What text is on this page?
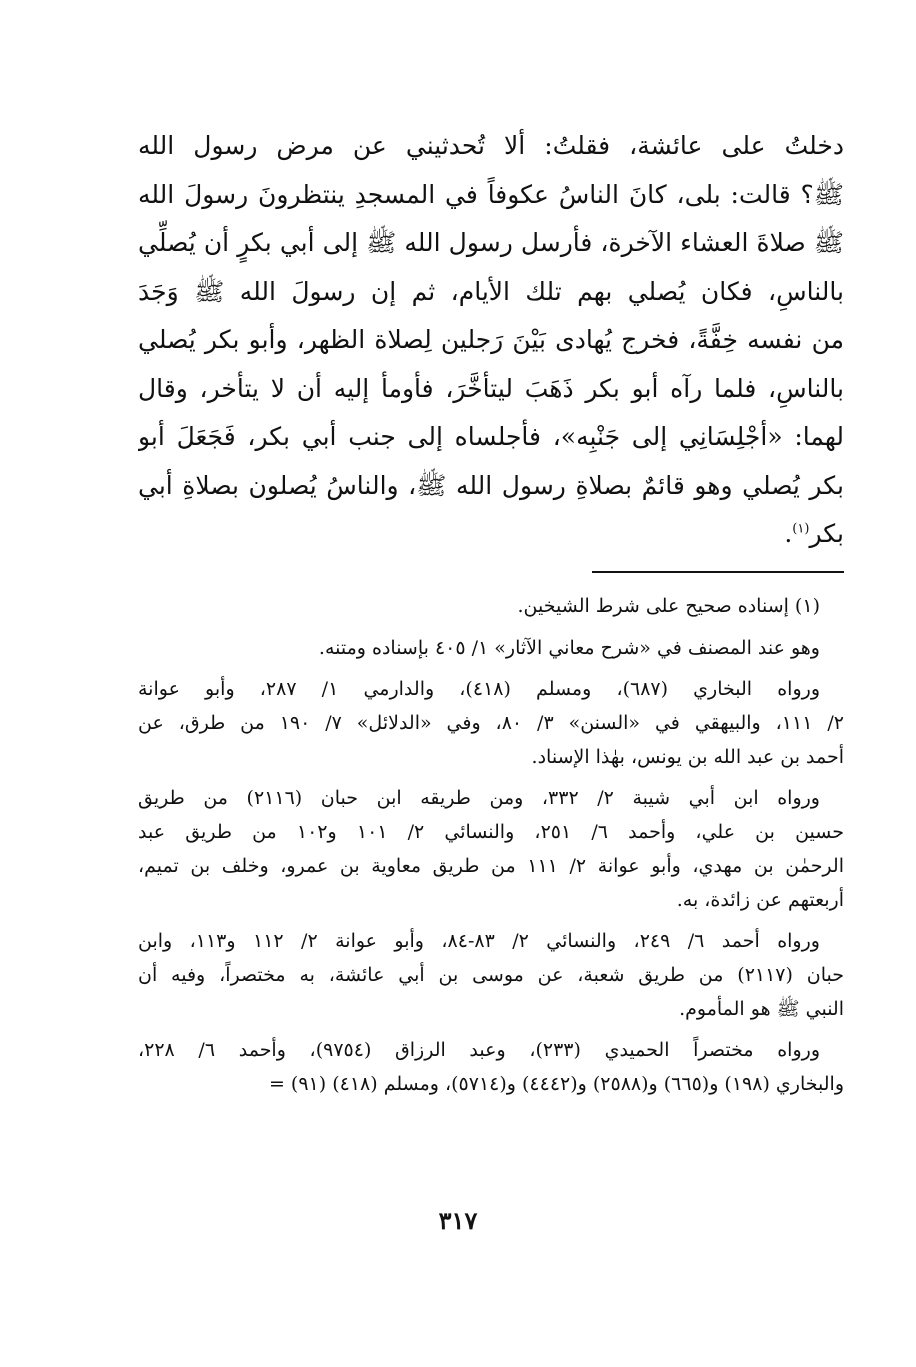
دخلتُ على عائشة، فقلتُ: ألا تُحدثيني عن مرض رسول الله
ﷺ؟ قالت: بلى، كانَ الناسُ عكوفاً في المسجدِ ينتظرونَ رسولَ الله
ﷺ صلاةَ العشاء الآخرة، فأرسل رسول الله ﷺ إلى أبي بكرٍ أن يُصلِّي
بالناسِ، فكان يُصلي بهم تلك الأيام، ثم إن رسولَ الله ﷺ وَجَدَ
من نفسه خِفَّةً، فخرج يُهادى بَيْنَ رَجلين لِصلاة الظهر، وأبو بكر يُصلي
بالناسِ، فلما رآه أبو بكر ذَهَبَ ليتأخَّرَ، فأومأ إليه أن لا يتأخر، وقال
لهما: «أجْلِسَانِي إلى جَنْبِه»، فأجلساه إلى جنب أبي بكر، فَجَعَلَ أبو
بكر يُصلي وهو قائمٌ بصلاةِ رسول الله ﷺ، والناسُ يُصلون بصلاةِ أبي
بكر$^{(١)}$.
(١) إسناده صحيح على شرط الشيخين.
وهو عند المصنف في «شرح معاني الآثار» ١/ ٤٠٥ بإسناده ومتنه.
ورواه البخاري (٦٨٧)، ومسلم (٤١٨)، والدارمي ١/ ٢٨٧، وأبو عوانة
٢/ ١١١، والبيهقي في «السنن» ٣/ ٨٠، وفي «الدلائل» ٧/ ١٩٠ من طرق، عن
أحمد بن عبد الله بن يونس، بهٰذا الإسناد.
ورواه ابن أبي شيبة ٢/ ٣٣٢، ومن طريقه ابن حبان (٢١١٦) من طريق
حسين بن علي، وأحمد ٦/ ٢٥١، والنسائي ٢/ ١٠١ و١٠٢ من طريق عبد
الرحمٰن بن مهدي، وأبو عوانة ٢/ ١١١ من طريق معاوية بن عمرو، وخلف بن تميم،
أربعتهم عن زائدة، به.
ورواه أحمد ٦/ ٢٤٩، والنسائي ٢/ ٨٣-٨٤، وأبو عوانة ٢/ ١١٢ و١١٣، وابن
حبان (٢١١٧) من طريق شعبة، عن موسى بن أبي عائشة، به مختصراً، وفيه أن
النبي ﷺ هو المأموم.
ورواه مختصراً الحميدي (٢٣٣)، وعبد الرزاق (٩٧٥٤)، وأحمد ٦/ ٢٢٨،
والبخاري (١٩٨) و(٦٦٥) و(٢٥٨٨) و(٤٤٤٢) و(٥٧١٤)، ومسلم (٤١٨) (٩١) =
٣١٧
